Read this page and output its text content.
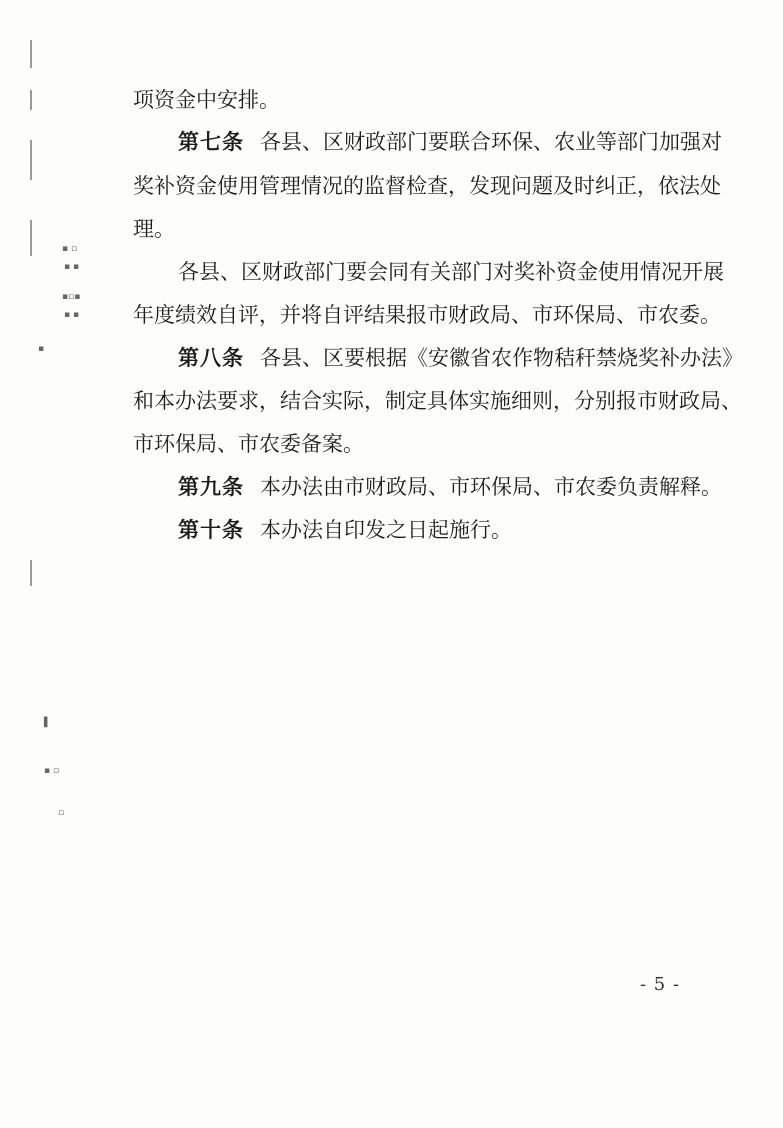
▪ ▫
▪ ▪
▪▫▪
▪ ▪
▪
▌
▪ ▫
▫
项资金中安排。
第七条 各县、区财政部门要联合环保、农业等部门加强对
奖补资金使用管理情况的监督检查，发现问题及时纠正，依法处
理。
各县、区财政部门要会同有关部门对奖补资金使用情况开展
年度绩效自评，并将自评结果报市财政局、市环保局、市农委。
第八条 各县、区要根据《安徽省农作物秸秆禁烧奖补办法》
和本办法要求，结合实际，制定具体实施细则，分别报市财政局、
市环保局、市农委备案。
第九条 本办法由市财政局、市环保局、市农委负责解释。
第十条 本办法自印发之日起施行。
- 5 -
